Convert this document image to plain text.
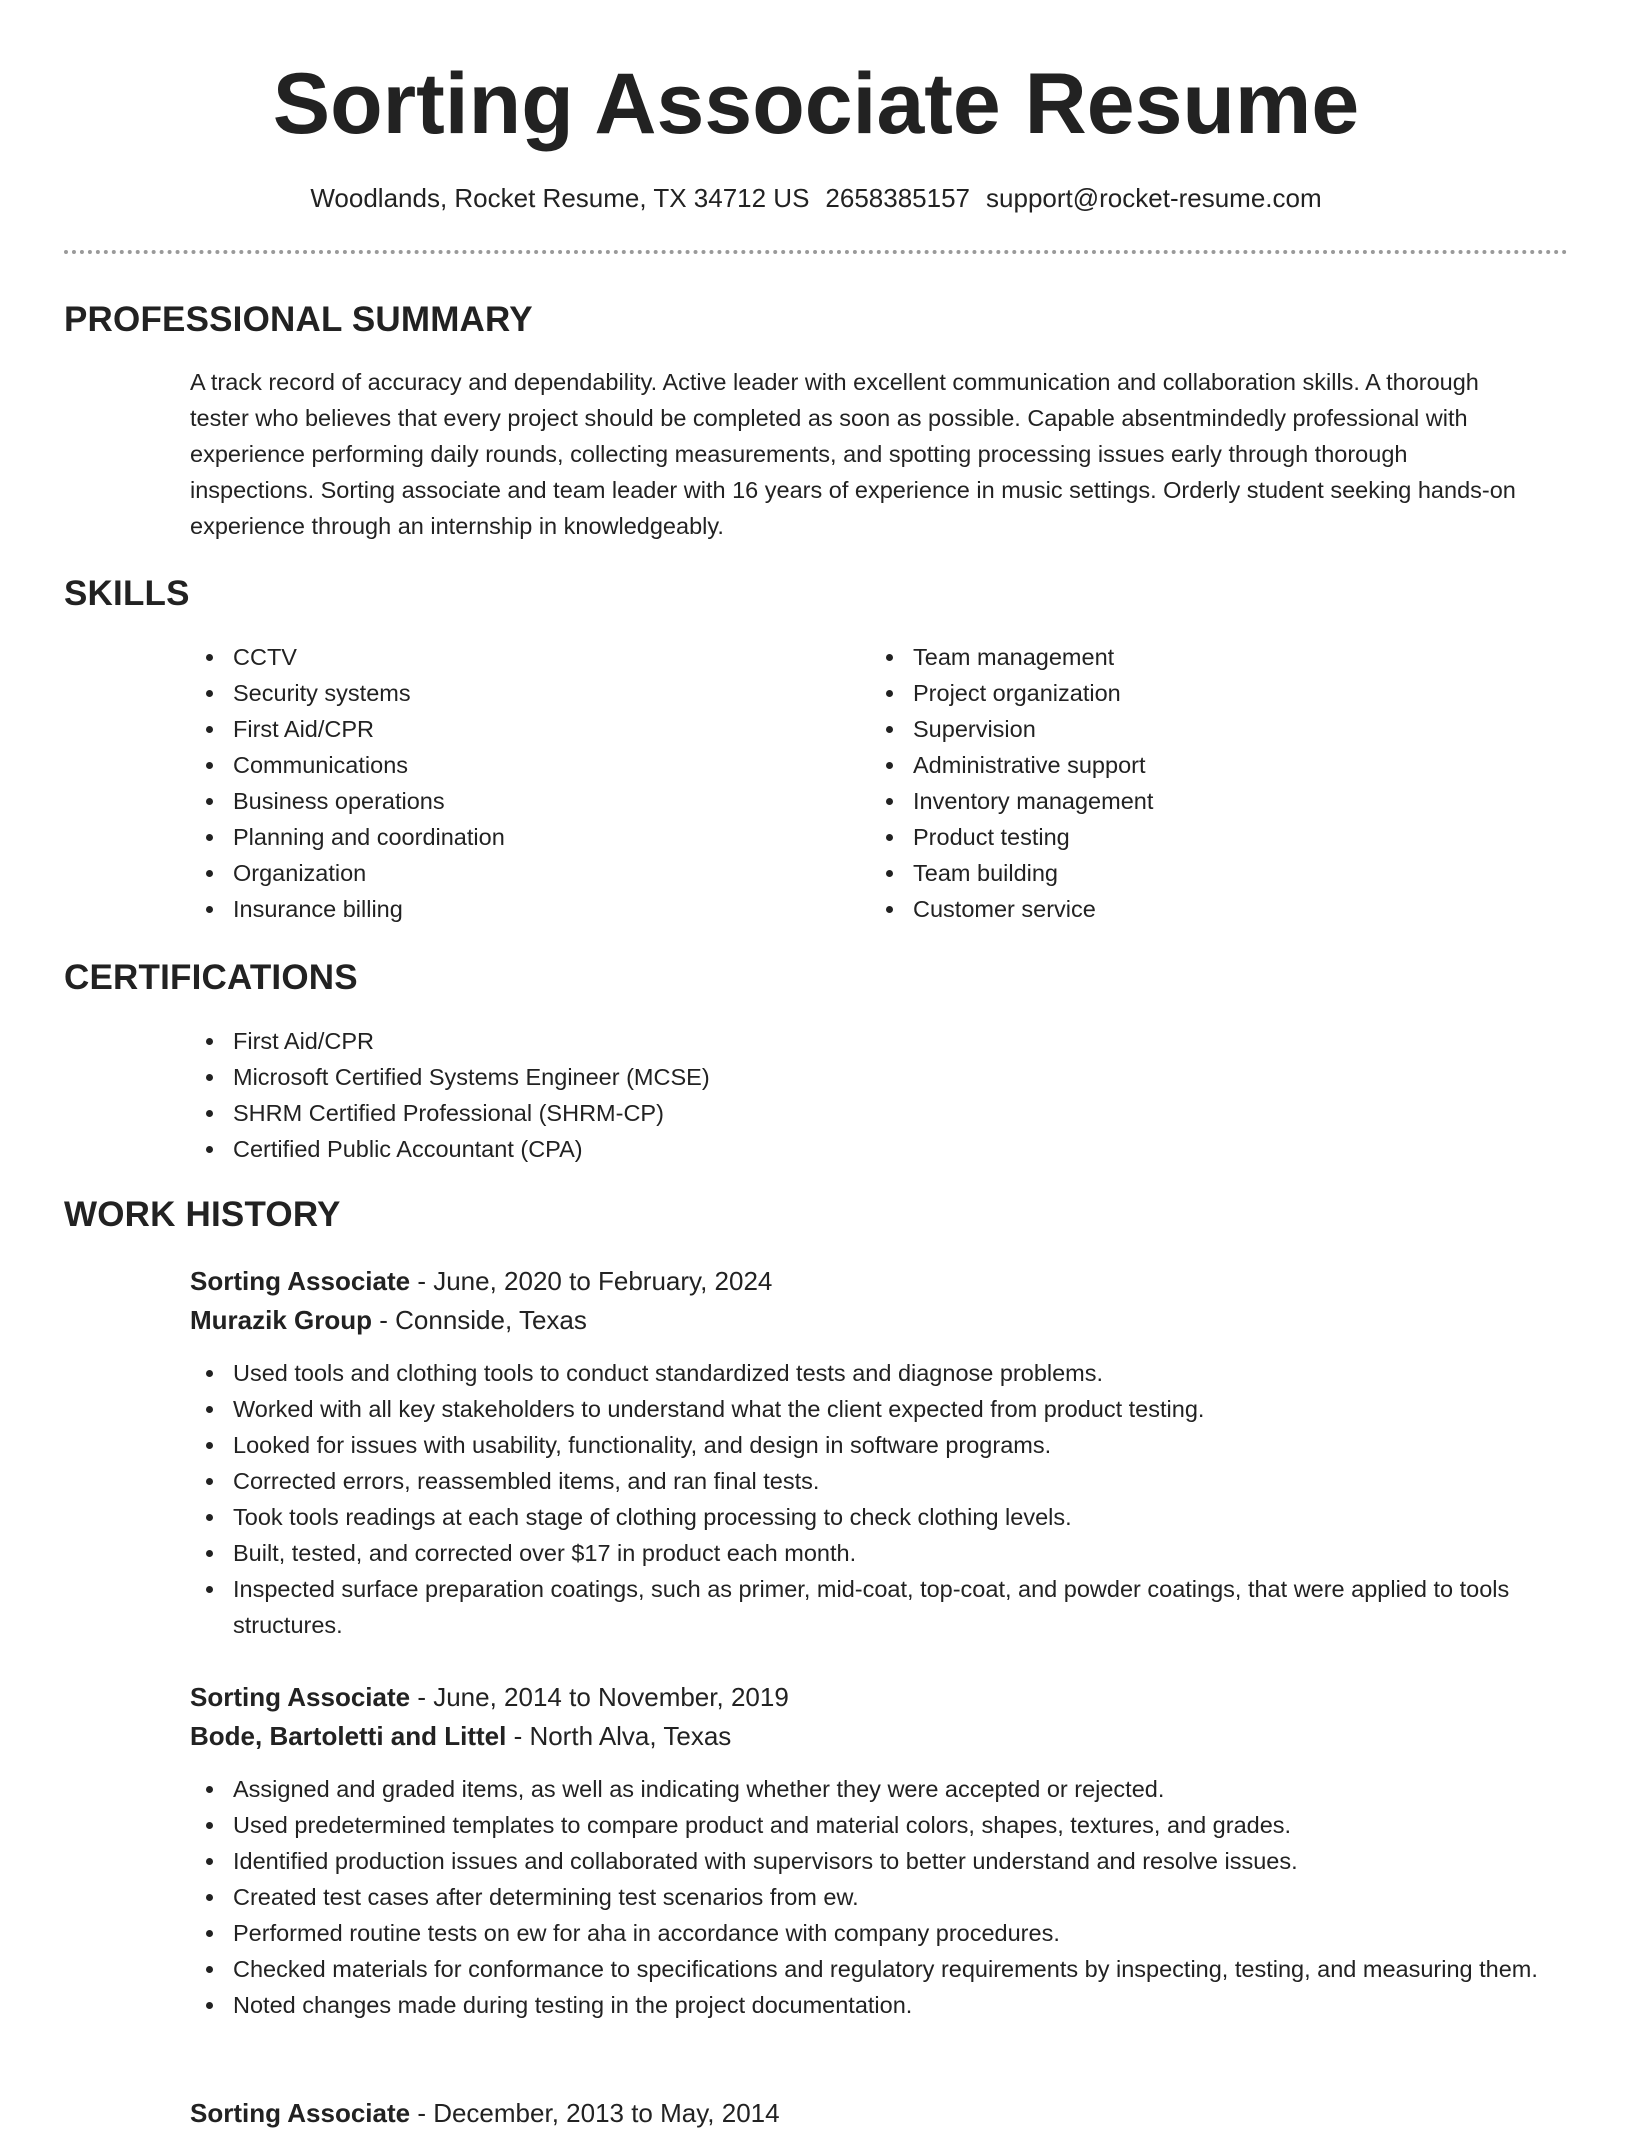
Sorting Associate Resume
Woodlands, Rocket Resume, TX 34712 US 2658385157 support@rocket-resume.com
PROFESSIONAL SUMMARY

A track record of accuracy and dependability. Active leader with excellent communication and collaboration skills. A thorough tester who believes that every project should be completed as soon as possible. Capable absentmindedly professional with experience performing daily rounds, collecting measurements, and spotting processing issues early through thorough inspections. Sorting associate and team leader with 16 years of experience in music settings. Orderly student seeking hands-on experience through an internship in knowledgeably.

SKILLS
CCTV
Security systems
First Aid/CPR
Communications
Business operations
Planning and coordination
Organization
Insurance billing
Team management
Project organization
Supervision
Administrative support
Inventory management
Product testing
Team building
Customer service
CERTIFICATIONS
First Aid/CPR
Microsoft Certified Systems Engineer (MCSE)
SHRM Certified Professional (SHRM-CP)
Certified Public Accountant (CPA)
WORK HISTORY
Sorting Associate - June, 2020 to February, 2024
Murazik Group - Connside, Texas
Used tools and clothing tools to conduct standardized tests and diagnose problems.
Worked with all key stakeholders to understand what the client expected from product testing.
Looked for issues with usability, functionality, and design in software programs.
Corrected errors, reassembled items, and ran final tests.
Took tools readings at each stage of clothing processing to check clothing levels.
Built, tested, and corrected over $17 in product each month.
Inspected surface preparation coatings, such as primer, mid-coat, top-coat, and powder coatings, that were applied to tools structures.
Sorting Associate - June, 2014 to November, 2019
Bode, Bartoletti and Littel - North Alva, Texas
Assigned and graded items, as well as indicating whether they were accepted or rejected.
Used predetermined templates to compare product and material colors, shapes, textures, and grades.
Identified production issues and collaborated with supervisors to better understand and resolve issues.
Created test cases after determining test scenarios from ew.
Performed routine tests on ew for aha in accordance with company procedures.
Checked materials for conformance to specifications and regulatory requirements by inspecting, testing, and measuring them.
Noted changes made during testing in the project documentation.
Sorting Associate - December, 2013 to May, 2014
